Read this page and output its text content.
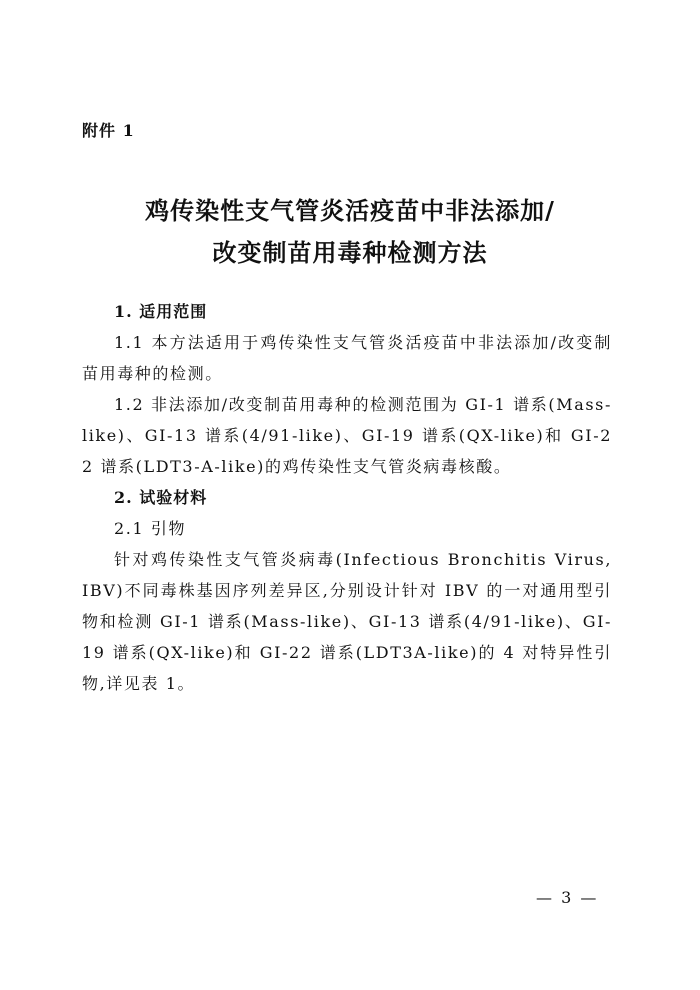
附件 1
鸡传染性支气管炎活疫苗中非法添加/
改变制苗用毒种检测方法

1. 适用范围

1.1 本方法适用于鸡传染性支气管炎活疫苗中非法添加/改变制苗用毒种的检测。

1.2 非法添加/改变制苗用毒种的检测范围为 GI-1 谱系(Mass-like)、GI-13 谱系(4/91-like)、GI-19 谱系(QX-like)和 GI-22 谱系(LDT3-A-like)的鸡传染性支气管炎病毒核酸。

2. 试验材料

2.1 引物

针对鸡传染性支气管炎病毒(Infectious Bronchitis Virus, IBV)不同毒株基因序列差异区,分别设计针对 IBV 的一对通用型引物和检测 GI-1 谱系(Mass-like)、GI-13 谱系(4/91-like)、GI-19 谱系(QX-like)和 GI-22 谱系(LDT3A-like)的 4 对特异性引物,详见表 1。

— 3 —
